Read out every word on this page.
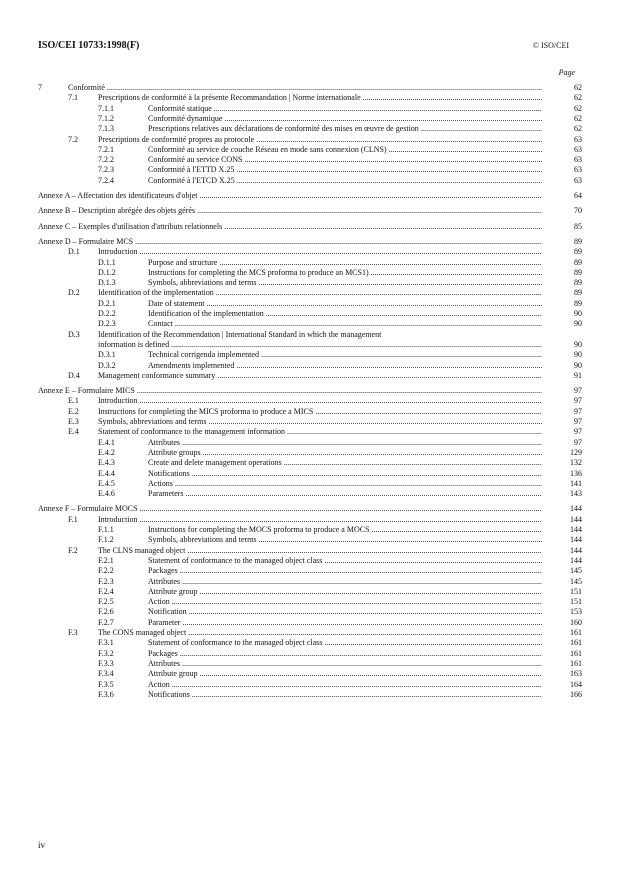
ISO/CEI 10733:1998(F)	© ISO/CEI
Page
7	Conformité .....	62
7.1	Prescriptions de conformité à la présente Recommandation | Norme internationale .....	62
7.1.1	Conformité statique .....	62
7.1.2	Conformité dynamique .....	62
7.1.3	Prescriptions relatives aux déclarations de conformité des mises en œuvre de gestion .....	62
7.2	Prescriptions de conformité propres au protocole .....	63
7.2.1	Conformité au service de couche Réseau en mode sans connexion (CLNS) .....	63
7.2.2	Conformité au service CONS .....	63
7.2.3	Conformité à l'ETTD X.25 .....	63
7.2.4	Conformité à l'ETCD X.25 .....	63
Annexe A – Affectation des identificateurs d'objet .....	64
Annexe B – Description abrégée des objets gérés .....	70
Annexe C – Exemples d'utilisation d'attributs relationnels .....	85
Annexe D – Formulaire MCS .....	89
D.1 Introduction .....	89
D.1.1	Purpose and structure .....	89
D.1.2	Instructions for completing the MCS proforma to produce an MCS1) .....	89
D.1.3	Symbols, abbreviations and terms .....	89
D.2 Identification of the implementation .....	89
D.2.1	Date of statement .....	89
D.2.2	Identification of the implementation .....	90
D.2.3	Contact .....	90
D.3 Identification of the Recommendation | International Standard in which the management
information is defined .....	90
D.3.1	Technical corrigenda implemented .....	90
D.3.2	Amendments implemented .....	90
D.4 Management conformance summary .....	91
Annexe E – Formulaire MICS .....	97
E.1 Introduction .....	97
E.2 Instructions for completing the MICS proforma to produce a MICS .....	97
E.3 Symbols, abbreviations and terms .....	97
E.4 Statement of conformance to the management information .....	97
E.4.1	Attributes .....	97
E.4.2	Attribute groups .....	129
E.4.3	Create and delete management operations .....	132
E.4.4	Notifications .....	136
E.4.5	Actions .....	141
E.4.6	Parameters .....	143
Annexe F – Formulaire MOCS .....	144
F.1	Introduction .....	144
F.1.1	Instructions for completing the MOCS proforma to produce a MOCS .....	144
F.1.2	Symbols, abbreviations and terms .....	144
F.2	The CLNS managed object .....	144
F.2.1	Statement of conformance to the managed object class .....	144
F.2.2	Packages .....	145
F.2.3	Attributes .....	145
F.2.4	Attribute group .....	151
F.2.5	Action .....	151
F.2.6	Notification .....	153
F.2.7	Parameter .....	160
F.3	The CONS managed object .....	161
F.3.1	Statement of conformance to the managed object class .....	161
F.3.2	Packages .....	161
F.3.3	Attributes .....	161
F.3.4	Attribute group .....	163
F.3.5	Action .....	164
F.3.6	Notifications .....	166
iv
